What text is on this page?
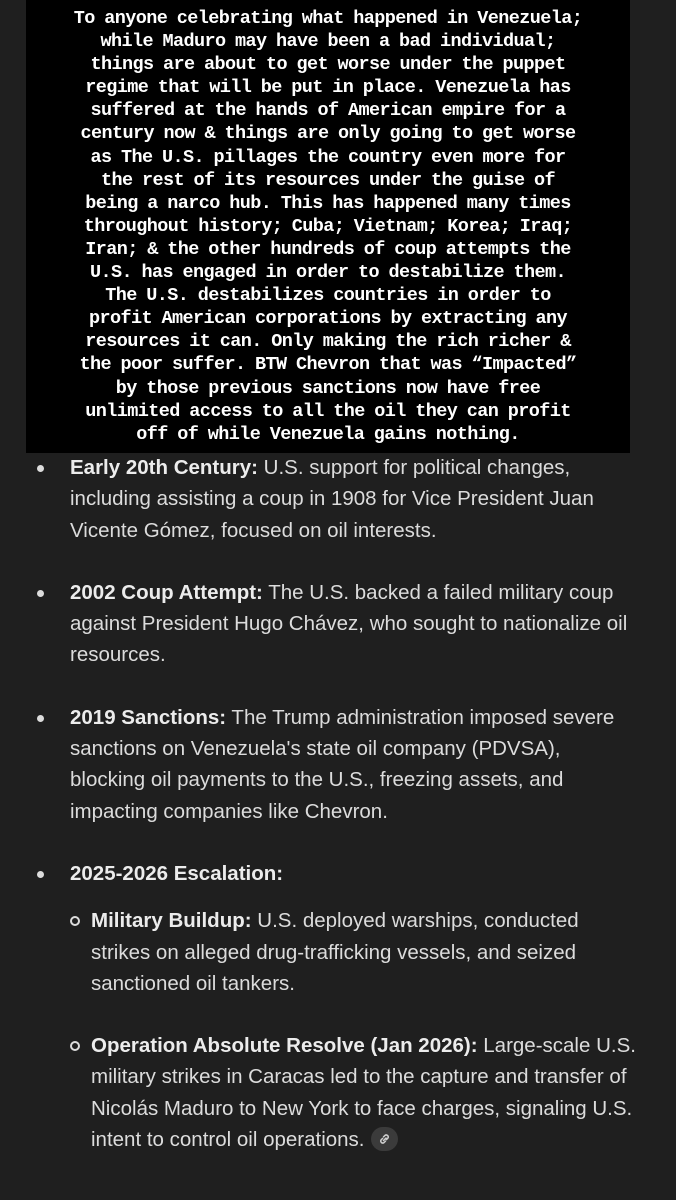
To anyone celebrating what happened in Venezuela;
while Maduro may have been a bad individual;
things are about to get worse under the puppet
regime that will be put in place. Venezuela has
suffered at the hands of American empire for a
century now & things are only going to get worse
as The U.S. pillages the country even more for
the rest of its resources under the guise of
being a narco hub. This has happened many times
throughout history; Cuba; Vietnam; Korea; Iraq;
Iran; & the other hundreds of coup attempts the
U.S. has engaged in order to destabilize them.
The U.S. destabilizes countries in order to
profit American corporations by extracting any
resources it can. Only making the rich richer &
the poor suffer. BTW Chevron that was “Impacted”
by those previous sanctions now have free
unlimited access to all the oil they can profit
off of while Venezuela gains nothing.

Early 20th Century: U.S. support for political changes, including assisting a coup in 1908 for Vice President Juan Vicente Gómez, focused on oil interests.
2002 Coup Attempt: The U.S. backed a failed military coup against President Hugo Chávez, who sought to nationalize oil resources.
2019 Sanctions: The Trump administration imposed severe sanctions on Venezuela's state oil company (PDVSA), blocking oil payments to the U.S., freezing assets, and impacting companies like Chevron.
2025-2026 Escalation:
Military Buildup: U.S. deployed warships, conducted strikes on alleged drug-trafficking vessels, and seized sanctioned oil tankers.
Operation Absolute Resolve (Jan 2026): Large-scale U.S. military strikes in Caracas led to the capture and transfer of Nicolás Maduro to New York to face charges, signaling U.S. intent to control oil operations.
